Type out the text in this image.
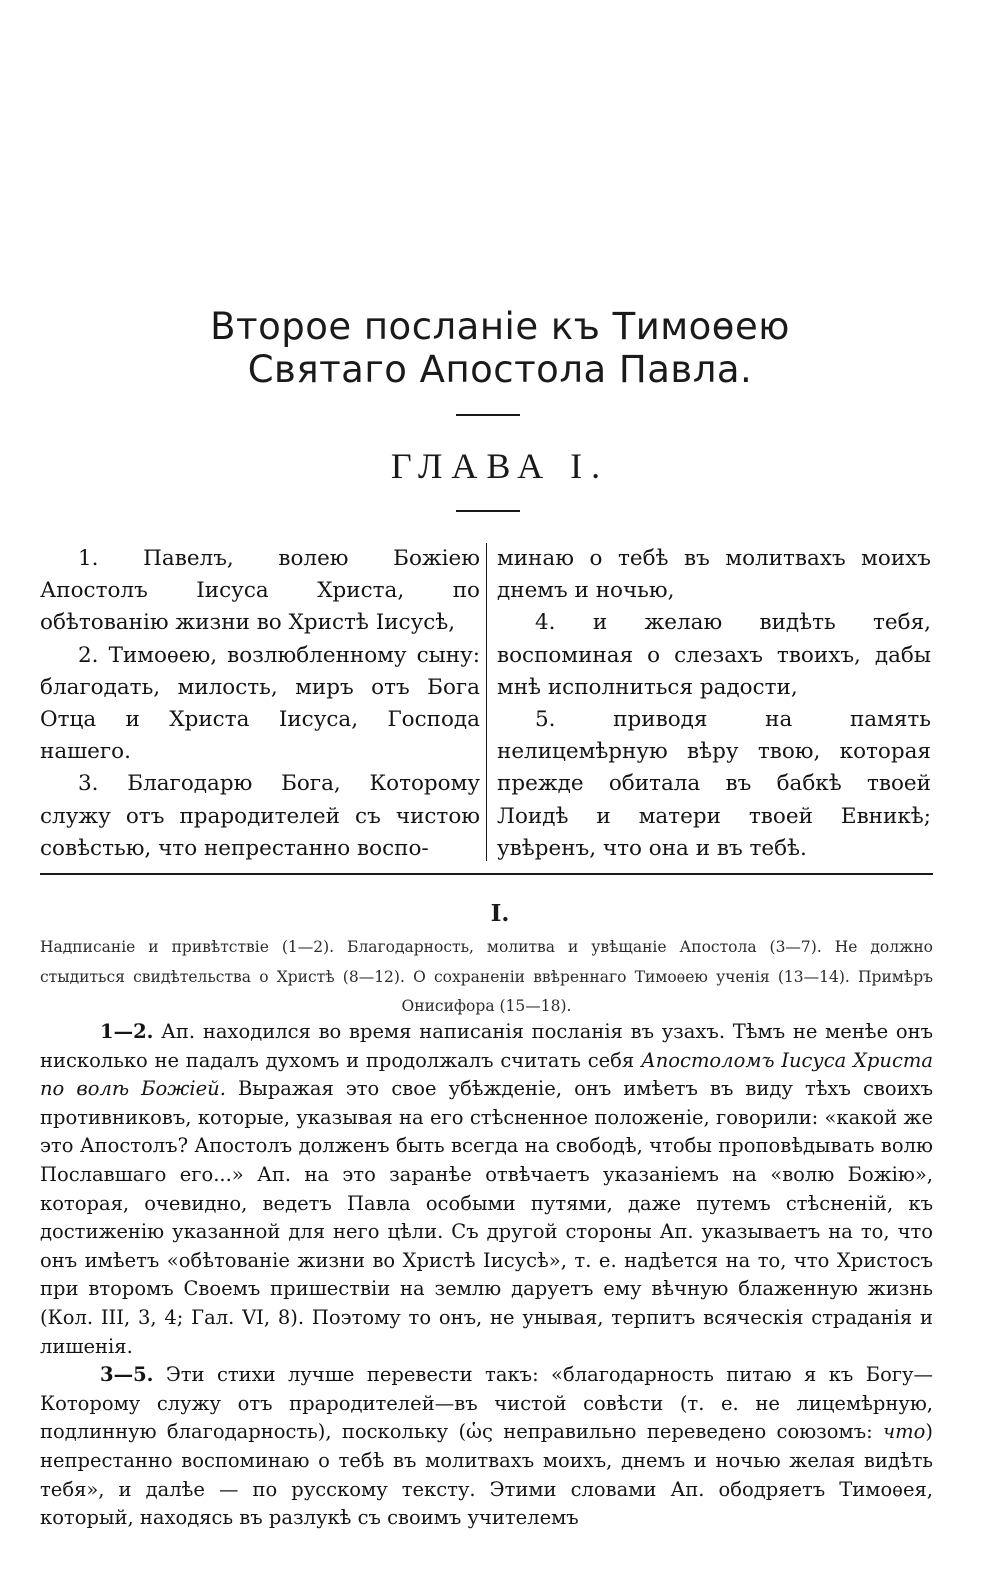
Второе посланіе къ Тимоѳею
Святаго Апостола Павла.
ГЛАВА I.

1. Павелъ, волею Божіею Апостолъ Іисуса Христа, по обѣтованію жизни во Христѣ Іисусѣ,

2. Тимоѳею, возлюбленному сыну: благодать, милость, миръ отъ Бога Отца и Христа Іисуса, Господа нашего.

3. Благодарю Бога, Которому служу отъ прародителей съ чистою совѣстью, что непрестанно воспо-

минаю о тебѣ въ молитвахъ моихъ днемъ и ночью,

4. и желаю видѣть тебя, воспоминая о слезахъ твоихъ, дабы мнѣ исполниться радости,

5. приводя на память нелицемѣрную вѣру твою, которая прежде обитала въ бабкѣ твоей Лоидѣ и матери твоей Евникѣ; увѣренъ, что она и въ тебѣ.

I.

Надписаніе и привѣтствіе (1—2). Благодарность, молитва и увѣщаніе Апостола (3—7). Не должно стыдиться свидѣтельства о Христѣ (8—12). О сохраненіи ввѣреннаго Тимоѳею ученія (13—14). Примѣръ Онисифора (15—18).

1—2. Ап. находился во время написанія посланія въ узахъ. Тѣмъ не менѣе онъ нисколько не падалъ духомъ и продолжалъ считать себя Апостоломъ Іисуса Христа по волѣ Божіей. Выражая это свое убѣжденіе, онъ имѣетъ въ виду тѣхъ своихъ противниковъ, которые, указывая на его стѣсненное положеніе, говорили: «какой же это Апостолъ? Апостолъ долженъ быть всегда на свободѣ, чтобы проповѣдывать волю Пославшаго его...» Ап. на это заранѣе отвѣчаетъ указаніемъ на «волю Божію», которая, очевидно, ведетъ Павла особыми путями, даже путемъ стѣсненій, къ достиженію указанной для него цѣли. Съ другой стороны Ап. указываетъ на то, что онъ имѣетъ «обѣтованіе жизни во Христѣ Іисусѣ», т. е. надѣется на то, что Христосъ при второмъ Своемъ пришествіи на землю даруетъ ему вѣчную блаженную жизнь (Кол. III, 3, 4; Гал. VI, 8). Поэтому то онъ, не унывая, терпитъ всяческія страданія и лишенія.

3—5. Эти стихи лучше перевести такъ: «благодарность питаю я къ Богу—Которому служу отъ прародителей—въ чистой совѣсти (т. е. не лицемѣрную, подлинную благодарность), поскольку (ὡς неправильно переведено союзомъ: что) непрестанно воспоминаю о тебѣ въ молитвахъ моихъ, днемъ и ночью желая видѣть тебя», и далѣе — по русскому тексту. Этими словами Ап. ободряетъ Тимоѳея, который, находясь въ разлукѣ съ своимъ учителемъ
